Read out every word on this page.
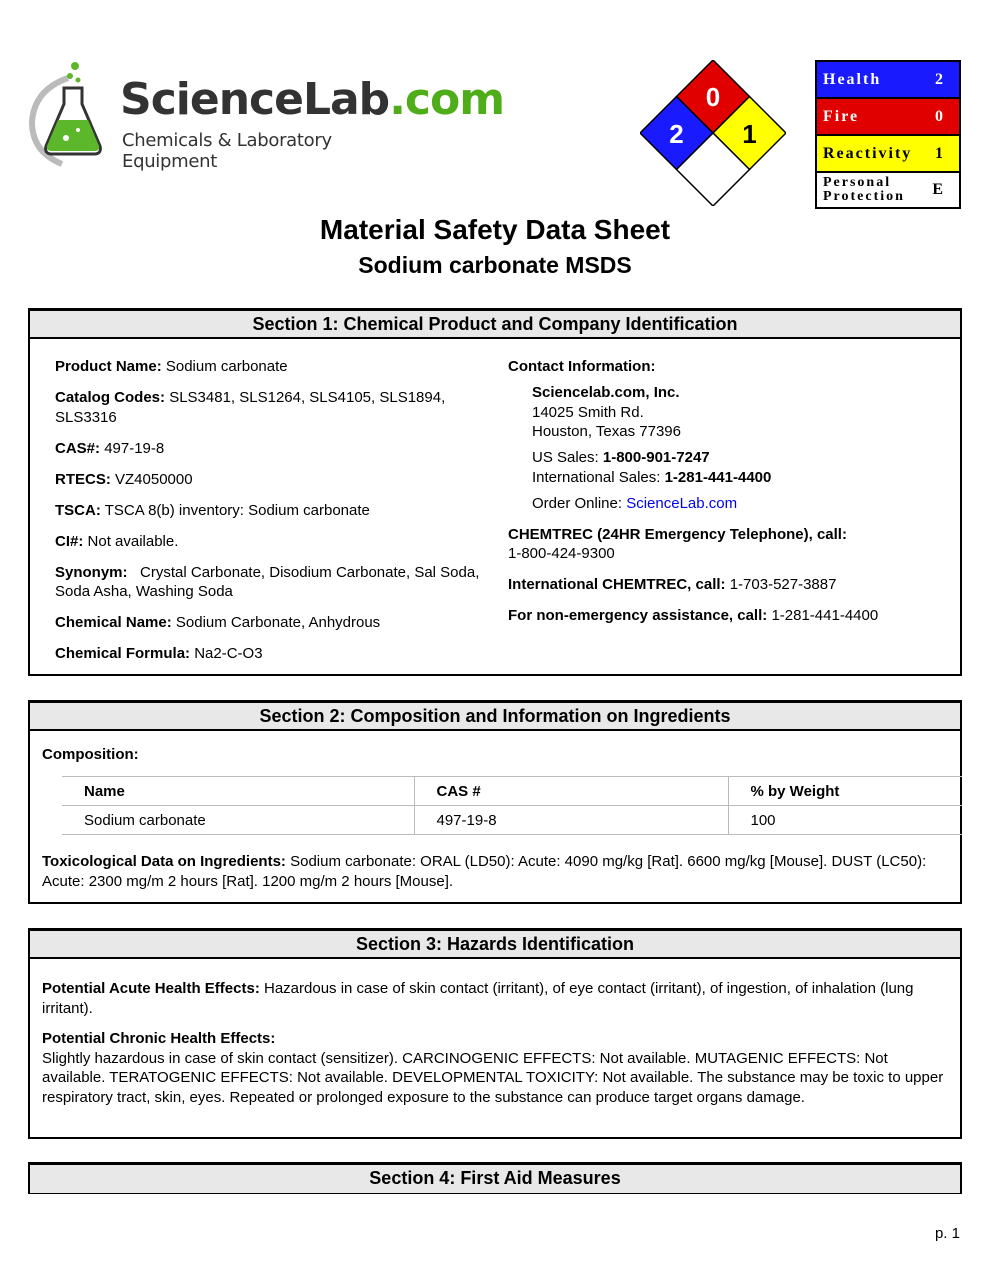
ScienceLab.com
Chemicals & Laboratory Equipment
0
2 1
Health	2
Fire	0
Reactivity 1
Personal
Protection E
Material Safety Data Sheet
Sodium carbonate MSDS
Section 1: Chemical Product and Company Identification
Product Name: Sodium carbonate
Catalog Codes: SLS3481, SLS1264, SLS4105, SLS1894, SLS3316
CAS#: 497-19-8
RTECS: VZ4050000
TSCA: TSCA 8(b) inventory: Sodium carbonate
CI#: Not available.
Synonym: Crystal Carbonate, Disodium Carbonate, Sal Soda, Soda Asha, Washing Soda
Chemical Name: Sodium Carbonate, Anhydrous
Chemical Formula: Na2-C-O3
Contact Information:
Sciencelab.com, Inc.
14025 Smith Rd.
Houston, Texas 77396
US Sales: 1-800-901-7247
International Sales: 1-281-441-4400
Order Online: ScienceLab.com
CHEMTREC (24HR Emergency Telephone), call:
1-800-424-9300
International CHEMTREC, call: 1-703-527-3887
For non-emergency assistance, call: 1-281-441-4400
Section 2: Composition and Information on Ingredients
Composition:
Name	CAS #	% by Weight
Sodium carbonate	497-19-8	100
Toxicological Data on Ingredients: Sodium carbonate: ORAL (LD50): Acute: 4090 mg/kg [Rat]. 6600 mg/kg [Mouse]. DUST (LC50): Acute: 2300 mg/m 2 hours [Rat]. 1200 mg/m 2 hours [Mouse].
Section 3: Hazards Identification
Potential Acute Health Effects: Hazardous in case of skin contact (irritant), of eye contact (irritant), of ingestion, of inhalation (lung irritant).
Potential Chronic Health Effects:
Slightly hazardous in case of skin contact (sensitizer). CARCINOGENIC EFFECTS: Not available. MUTAGENIC EFFECTS: Not available. TERATOGENIC EFFECTS: Not available. DEVELOPMENTAL TOXICITY: Not available. The substance may be toxic to upper respiratory tract, skin, eyes. Repeated or prolonged exposure to the substance can produce target organs damage.
Section 4: First Aid Measures
p. 1
